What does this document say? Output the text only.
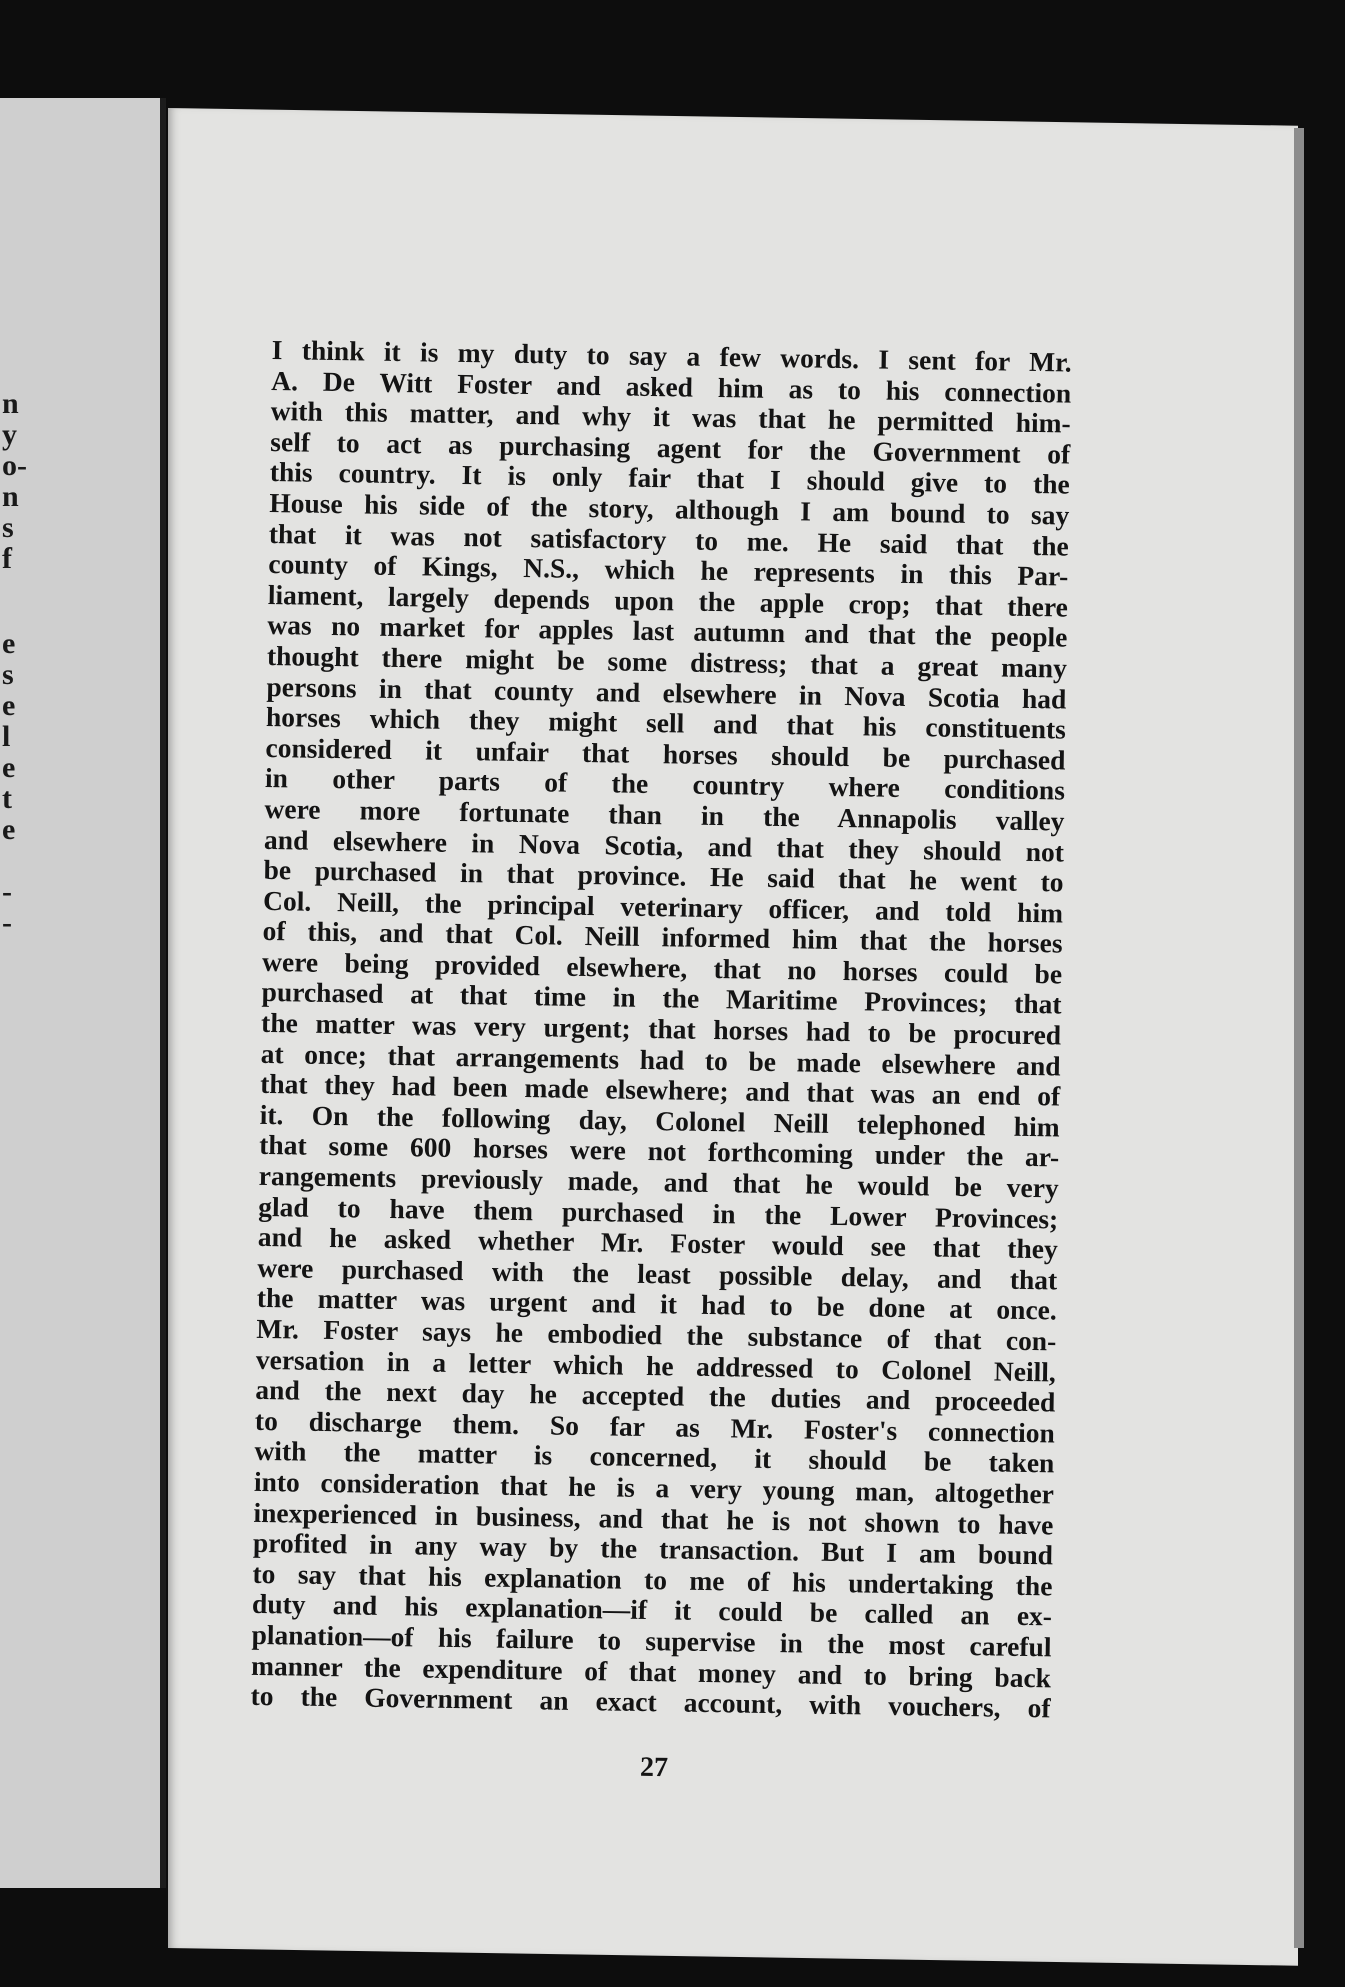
n
y
o-
n
s
f
e
s
e
l
e
t
e
-
-

I think it is my duty to say a few words. I sent for Mr.
A. De Witt Foster and asked him as to his connection
with this matter, and why it was that he permitted him-
self to act as purchasing agent for the Government of
this country. It is only fair that I should give to the
House his side of the story, although I am bound to say
that it was not satisfactory to me. He said that the
county of Kings, N.S., which he represents in this Par-
liament, largely depends upon the apple crop; that there
was no market for apples last autumn and that the people
thought there might be some distress; that a great many
persons in that county and elsewhere in Nova Scotia had
horses which they might sell and that his constituents
considered it unfair that horses should be purchased
in other parts of the country where conditions
were more fortunate than in the Annapolis valley
and elsewhere in Nova Scotia, and that they should not
be purchased in that province. He said that he went to
Col. Neill, the principal veterinary officer, and told him
of this, and that Col. Neill informed him that the horses
were being provided elsewhere, that no horses could be
purchased at that time in the Maritime Provinces; that
the matter was very urgent; that horses had to be procured
at once; that arrangements had to be made elsewhere and
that they had been made elsewhere; and that was an end of
it. On the following day, Colonel Neill telephoned him
that some 600 horses were not forthcoming under the ar-
rangements previously made, and that he would be very
glad to have them purchased in the Lower Provinces;
and he asked whether Mr. Foster would see that they
were purchased with the least possible delay, and that
the matter was urgent and it had to be done at once.
Mr. Foster says he embodied the substance of that con-
versation in a letter which he addressed to Colonel Neill,
and the next day he accepted the duties and proceeded
to discharge them. So far as Mr. Foster's connection
with the matter is concerned, it should be taken
into consideration that he is a very young man, altogether
inexperienced in business, and that he is not shown to have
profited in any way by the transaction. But I am bound
to say that his explanation to me of his undertaking the
duty and his explanation—if it could be called an ex-
planation—of his failure to supervise in the most careful
manner the expenditure of that money and to bring back
to the Government an exact account, with vouchers, of

27
